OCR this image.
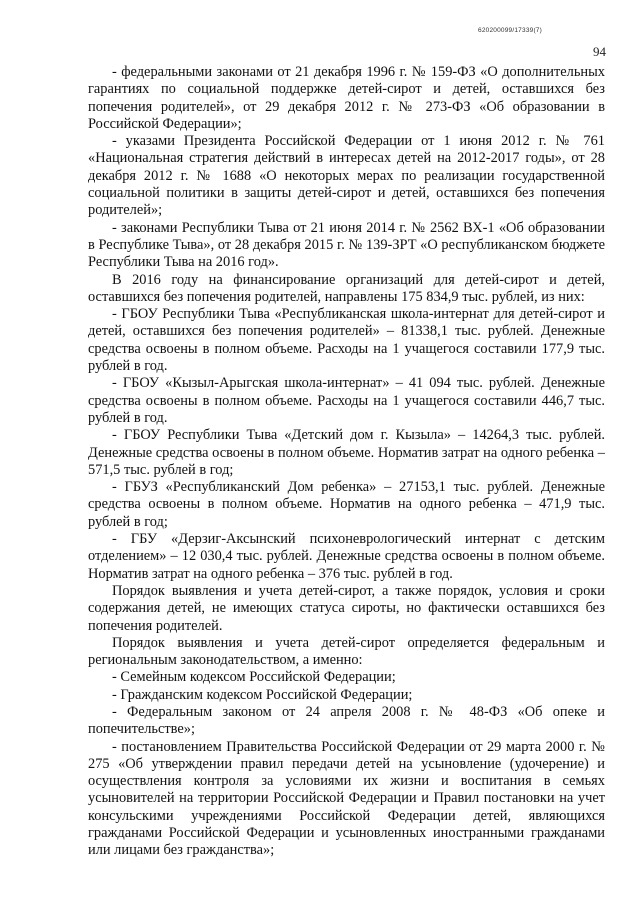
620200099/17339(7)
94

- федеральными законами от 21 декабря 1996 г. № 159-ФЗ «О дополнительных гарантиях по социальной поддержке детей-сирот и детей, оставшихся без попечения родителей», от 29 декабря 2012 г. № 273-ФЗ «Об образовании в Российской Федерации»;

- указами Президента Российской Федерации от 1 июня 2012 г. № 761 «Национальная стратегия действий в интересах детей на 2012-2017 годы», от 28 декабря 2012 г. № 1688 «О некоторых мерах по реализации государственной социальной политики в защиты детей-сирот и детей, оставшихся без попечения родителей»;

- законами Республики Тыва от 21 июня 2014 г. № 2562 ВХ-1 «Об образовании в Республике Тыва», от 28 декабря 2015 г. № 139-ЗРТ «О республиканском бюджете Республики Тыва на 2016 год».

В 2016 году на финансирование организаций для детей-сирот и детей, оставшихся без попечения родителей, направлены 175 834,9 тыс. рублей, из них:

- ГБОУ Республики Тыва «Республиканская школа-интернат для детей-сирот и детей, оставшихся без попечения родителей» – 81338,1 тыс. рублей. Денежные средства освоены в полном объеме. Расходы на 1 учащегося составили 177,9 тыс. рублей в год.

- ГБОУ «Кызыл-Арыгская школа-интернат» – 41 094 тыс. рублей. Денежные средства освоены в полном объеме. Расходы на 1 учащегося составили 446,7 тыс. рублей в год.

- ГБОУ Республики Тыва «Детский дом г. Кызыла» – 14264,3 тыс. рублей. Денежные средства освоены в полном объеме. Норматив затрат на одного ребенка – 571,5 тыс. рублей в год;

- ГБУЗ «Республиканский Дом ребенка» – 27153,1 тыс. рублей. Денежные средства освоены в полном объеме. Норматив на одного ребенка – 471,9 тыс. рублей в год;

- ГБУ «Дерзиг-Аксынский психоневрологический интернат с детским отделением» – 12 030,4 тыс. рублей. Денежные средства освоены в полном объеме. Норматив затрат на одного ребенка – 376 тыс. рублей в год.

Порядок выявления и учета детей-сирот, а также порядок, условия и сроки содержания детей, не имеющих статуса сироты, но фактически оставшихся без попечения родителей.

Порядок выявления и учета детей-сирот определяется федеральным и региональным законодательством, а именно:

- Семейным кодексом Российской Федерации;

- Гражданским кодексом Российской Федерации;

- Федеральным законом от 24 апреля 2008 г. № 48-ФЗ «Об опеке и попечительстве»;

- постановлением Правительства Российской Федерации от 29 марта 2000 г. № 275 «Об утверждении правил передачи детей на усыновление (удочерение) и осуществления контроля за условиями их жизни и воспитания в семьях усыновителей на территории Российской Федерации и Правил постановки на учет консульскими учреждениями Российской Федерации детей, являющихся гражданами Российской Федерации и усыновленных иностранными гражданами или лицами без гражданства»;
